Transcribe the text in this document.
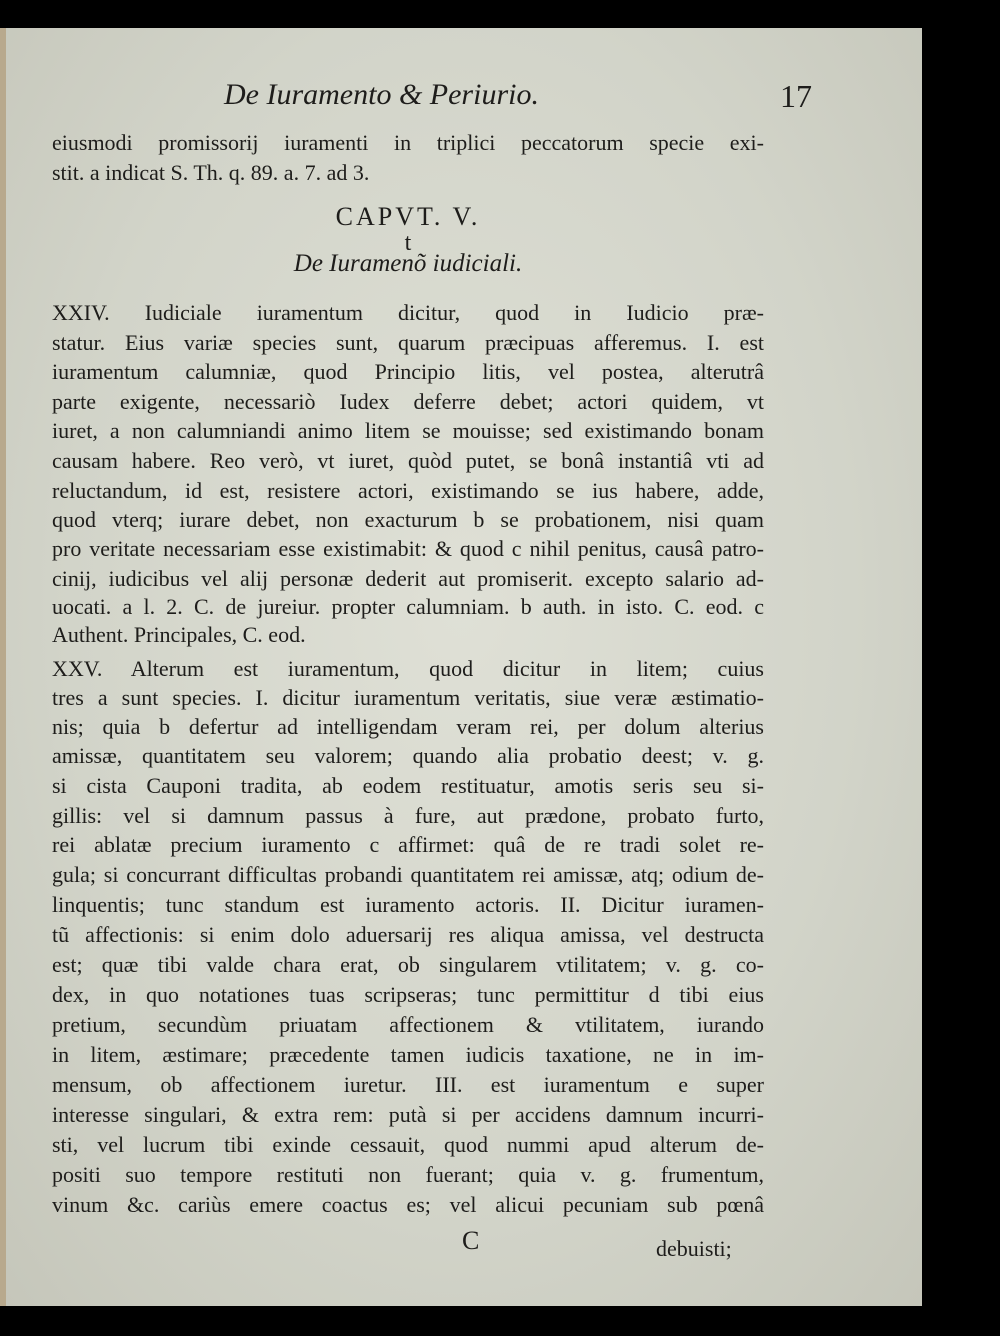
De Iuramento & Periurio.	17
eiusmodi promissorij iuramenti in triplici peccatorum specie exi-
stit. a indicat S. Th. q. 89. a. 7. ad 3.
CAPVT. V.
t
De Iuramenõ iudiciali.
XXIV. Iudiciale iuramentum dicitur, quod in Iudicio præ-
statur. Eius variæ species sunt, quarum præcipuas afferemus. I. est
iuramentum calumniæ, quod Principio litis, vel postea, alterutrâ
parte exigente, necessariò Iudex deferre debet; actori quidem, vt
iuret, a non calumniandi animo litem se mouisse; sed existimando bonam
causam habere. Reo verò, vt iuret, quòd putet, se bonâ instantiâ vti ad
reluctandum, id est, resistere actori, existimando se ius habere, adde,
quod vterq; iurare debet, non exacturum b se probationem, nisi quam
pro veritate necessariam esse existimabit: & quod c nihil penitus, causâ patro-
cinij, iudicibus vel alij personæ dederit aut promiserit. excepto salario ad-
uocati. a l. 2. C. de jureiur. propter calumniam. b auth. in isto. C. eod. c
Authent. Principales, C. eod.
XXV. Alterum est iuramentum, quod dicitur in litem; cuius
tres a sunt species. I. dicitur iuramentum veritatis, siue veræ æstimatio-
nis; quia b defertur ad intelligendam veram rei, per dolum alterius
amissæ, quantitatem seu valorem; quando alia probatio deest; v. g.
si cista Cauponi tradita, ab eodem restituatur, amotis seris seu si-
gillis: vel si damnum passus à fure, aut prædone, probato furto,
rei ablatæ precium iuramento c affirmet: quâ de re tradi solet re-
gula; si concurrant difficultas probandi quantitatem rei amissæ, atq; odium de-
linquentis; tunc standum est iuramento actoris. II. Dicitur iuramen-
tũ affectionis: si enim dolo aduersarij res aliqua amissa, vel destructa
est; quæ tibi valde chara erat, ob singularem vtilitatem; v. g. co-
dex, in quo notationes tuas scripseras; tunc permittitur d tibi eius
pretium, secundùm priuatam affectionem & vtilitatem, iurando
in litem, æstimare; præcedente tamen iudicis taxatione, ne in im-
mensum, ob affectionem iuretur. III. est iuramentum e super
interesse singulari, & extra rem: putà si per accidens damnum incurri-
sti, vel lucrum tibi exinde cessauit, quod nummi apud alterum de-
positi suo tempore restituti non fuerant; quia v. g. frumentum,
vinum &c. cariùs emere coactus es; vel alicui pecuniam sub pœnâ
C	debuisti;
